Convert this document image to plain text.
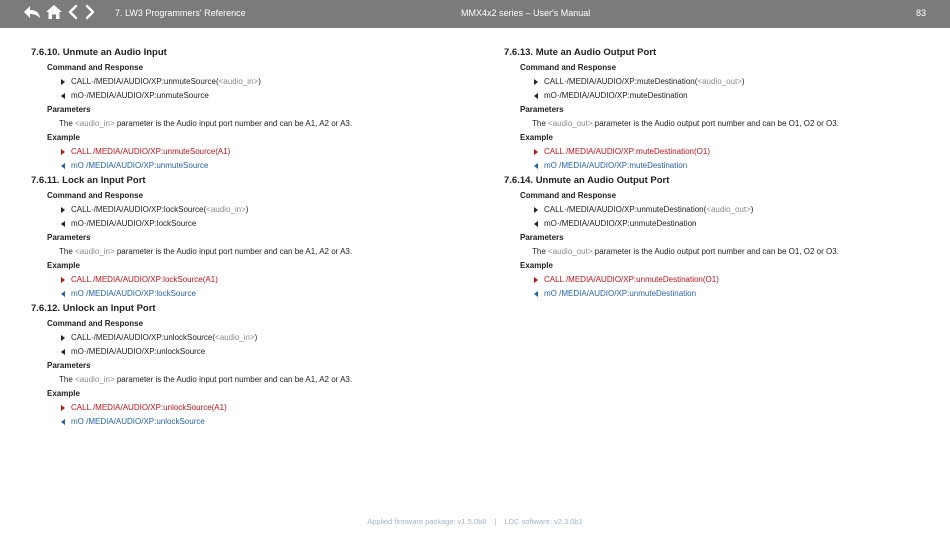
7. LW3 Programmers' Reference	MMX4x2 series – User's Manual	83
7.6.10. Unmute an Audio Input
Command and Response
CALL·/MEDIA/AUDIO/XP:unmuteSource( <audio_in> )
mO·/MEDIA/AUDIO/XP:unmuteSource
Parameters
The <audio_in> parameter is the Audio input port number and can be A1, A2 or A3.
Example
CALL /MEDIA/AUDIO/XP:unmuteSource(A1)
mO /MEDIA/AUDIO/XP:unmuteSource
7.6.11. Lock an Input Port
Command and Response
CALL·/MEDIA/AUDIO/XP:lockSource( <audio_in> )
mO·/MEDIA/AUDIO/XP:lockSource
Parameters
The <audio_in> parameter is the Audio input port number and can be A1, A2 or A3.
Example
CALL /MEDIA/AUDIO/XP:lockSource(A1)
mO /MEDIA/AUDIO/XP:lockSource
7.6.12. Unlock an Input Port
Command and Response
CALL·/MEDIA/AUDIO/XP:unlockSource( <audio_in> )
mO·/MEDIA/AUDIO/XP:unlockSource
Parameters
The <audio_in> parameter is the Audio input port number and can be A1, A2 or A3.
Example
CALL /MEDIA/AUDIO/XP:unlockSource(A1)
mO /MEDIA/AUDIO/XP:unlockSource
7.6.13. Mute an Audio Output Port
Command and Response
CALL·/MEDIA/AUDIO/XP:muteDestination( <audio_out> )
mO·/MEDIA/AUDIO/XP:muteDestination
Parameters
The <audio_out> parameter is the Audio output port number and can be O1, O2 or O3.
Example
CALL /MEDIA/AUDIO/XP:muteDestination(O1)
mO /MEDIA/AUDIO/XP:muteDestination
7.6.14. Unmute an Audio Output Port
Command and Response
CALL·/MEDIA/AUDIO/XP:unmuteDestination( <audio_out> )
mO·/MEDIA/AUDIO/XP:unmuteDestination
Parameters
The <audio_out> parameter is the Audio output port number and can be O1, O2 or O3.
Example
CALL /MEDIA/AUDIO/XP:unmuteDestination(O1)
mO /MEDIA/AUDIO/XP:unmuteDestination
Applied firmware package: v1.5.0b8 | LDC software: v2.3.0b1
